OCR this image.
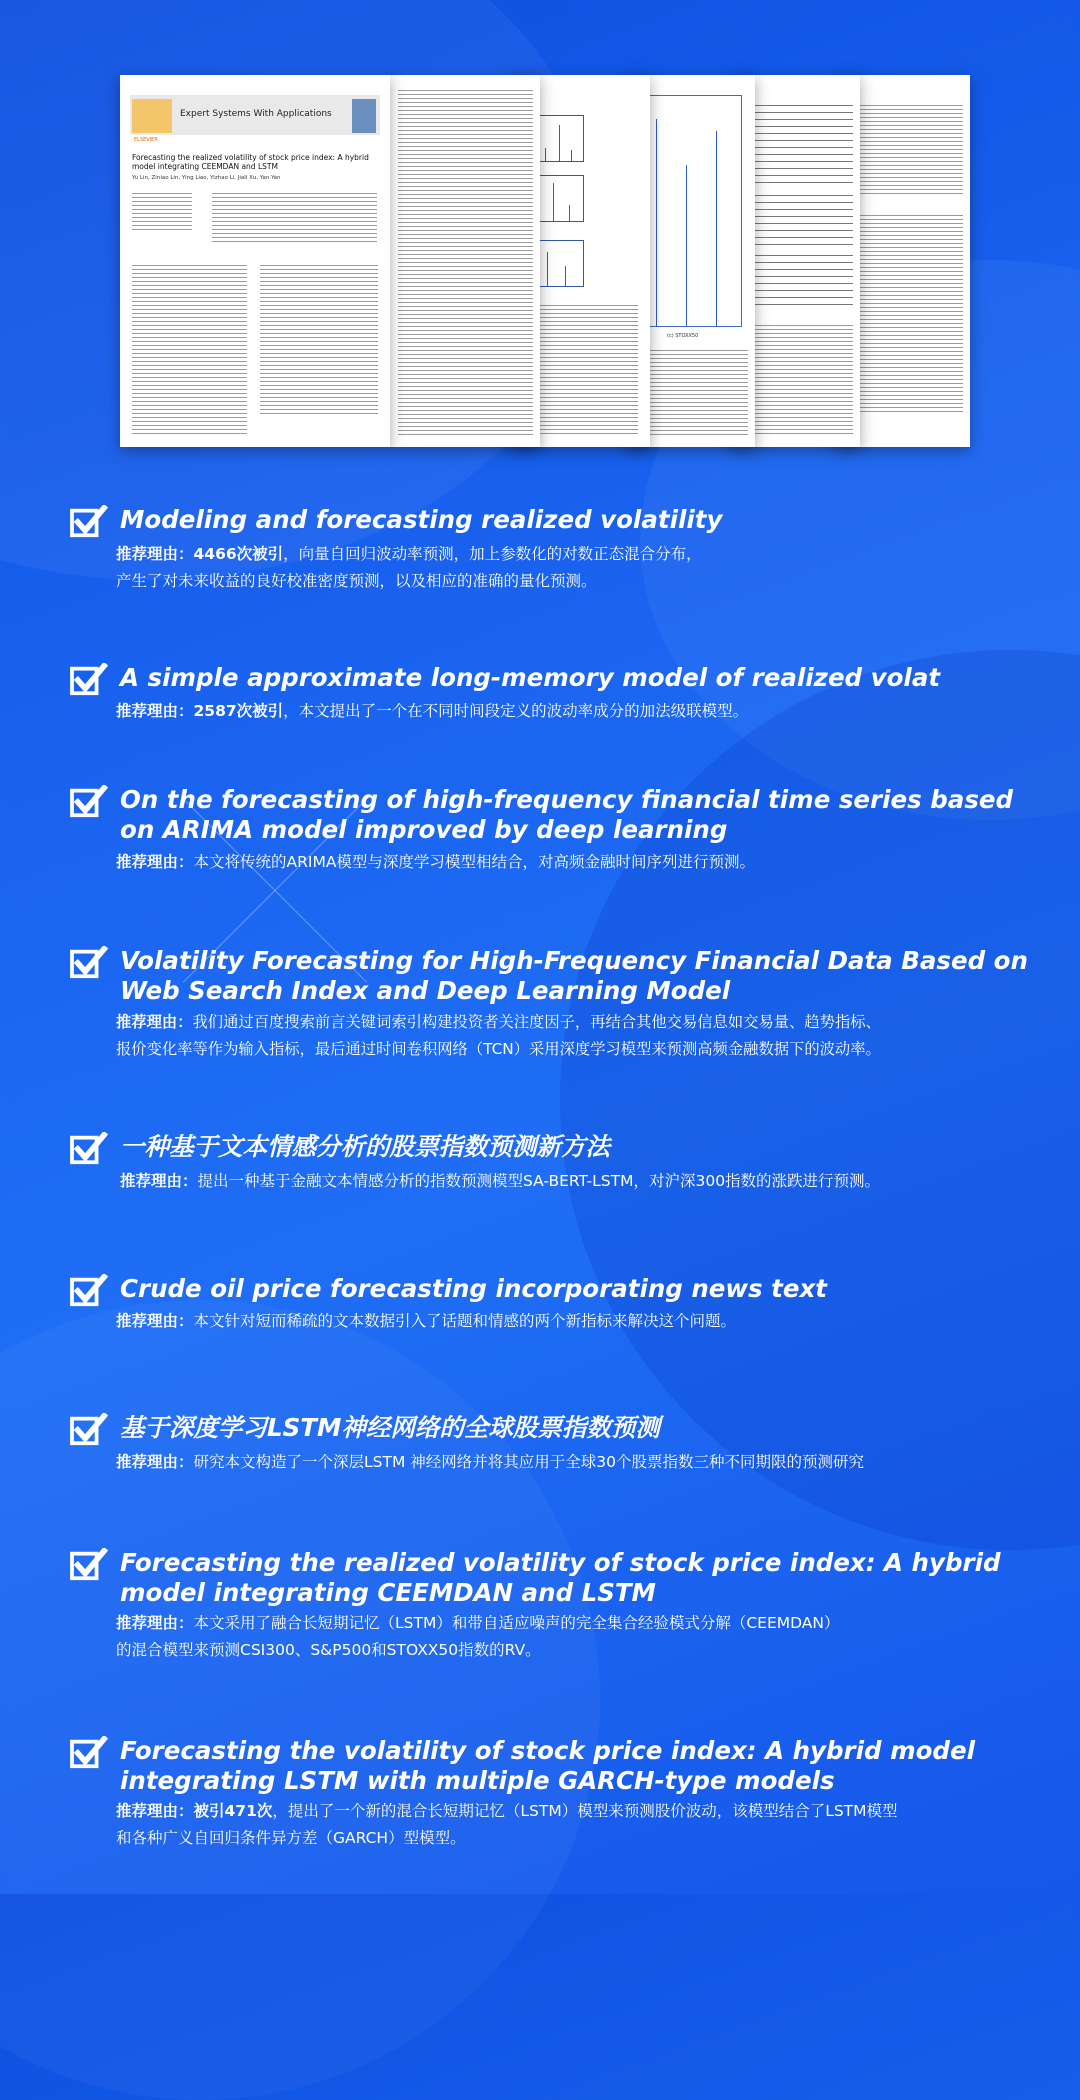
ELSEVIER
Expert Systems With Applications
Forecasting the realized volatility of stock price index: A hybrid model integrating CEEMDAN and LSTM
Yu Lin, Ziniao Lin, Ying Liao, Yizhao Li, Jiali Xu, Yan Yan
(c) STOXX50
Modeling and forecasting realized volatility
推荐理由：4466次被引，向量自回归波动率预测，加上参数化的对数正态混合分布，
产生了对未来收益的良好校准密度预测，以及相应的准确的量化预测。
A simple approximate long-memory model of realized volat
推荐理由：2587次被引，本文提出了一个在不同时间段定义的波动率成分的加法级联模型。
On the forecasting of high-frequency financial time series based
on ARIMA model improved by deep learning
推荐理由：本文将传统的ARIMA模型与深度学习模型相结合，对高频金融时间序列进行预测。
Volatility Forecasting for High-Frequency Financial Data Based on
Web Search Index and Deep Learning Model
推荐理由：我们通过百度搜索前言关键词索引构建投资者关注度因子，再结合其他交易信息如交易量、趋势指标、
报价变化率等作为输入指标，最后通过时间卷积网络（TCN）采用深度学习模型来预测高频金融数据下的波动率。
一种基于文本情感分析的股票指数预测新方法
推荐理由：提出一种基于金融文本情感分析的指数预测模型SA-BERT-LSTM，对沪深300指数的涨跌进行预测。
Crude oil price forecasting incorporating news text
推荐理由：本文针对短而稀疏的文本数据引入了话题和情感的两个新指标来解决这个问题。
基于深度学习LSTM神经网络的全球股票指数预测
推荐理由：研究本文构造了一个深层LSTM 神经网络并将其应用于全球30个股票指数三种不同期限的预测研究
Forecasting the realized volatility of stock price index: A hybrid
model integrating CEEMDAN and LSTM
推荐理由：本文采用了融合长短期记忆（LSTM）和带自适应噪声的完全集合经验模式分解（CEEMDAN）
的混合模型来预测CSI300、S&P500和STOXX50指数的RV。
Forecasting the volatility of stock price index: A hybrid model
integrating LSTM with multiple GARCH-type models
推荐理由：被引471次，提出了一个新的混合长短期记忆（LSTM）模型来预测股价波动，该模型结合了LSTM模型
和各种广义自回归条件异方差（GARCH）型模型。
